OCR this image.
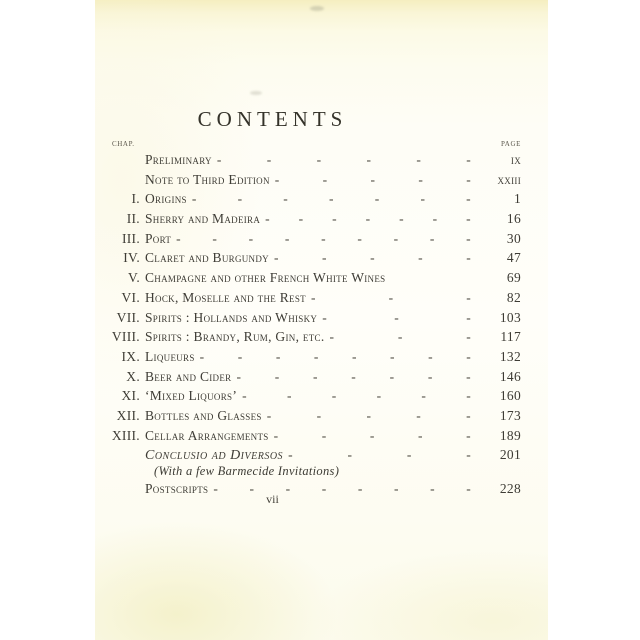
CONTENTS
CHAP.	PAGE
Preliminary -	-	-	-	-	-	ix
Note to Third Edition -	-	-	-	-	xxiii
I. Origins -	-	-	-	-	-	-	1
II. Sherry and Madeira - - - - - - -	16
III. Port - - - - - - - - -	30
IV. Claret and Burgundy -	-	-	-	-	47
V. Champagne and other French White Wines	69
VI. Hock, Moselle and the Rest -	-	-	82
VII. Spirits : Hollands and Whisky -	-	-	103
VIII. Spirits : Brandy, Rum, Gin, etc. -	-	-	117
IX. Liqueurs - - - - - - - -	132
X. Beer and Cider - - - - - - -	146
XI. ‘Mixed Liquors’ -	-	-	-	-	-	160
XII. Bottles and Glasses -	-	-	-	-	173
XIII. Cellar Arrangements -	-	-	-	-	189
Conclusio ad Diversos -	-	-	-	201
(With a few Barmecide Invitations)
Postscripts - - - - - - - -	228
vii
